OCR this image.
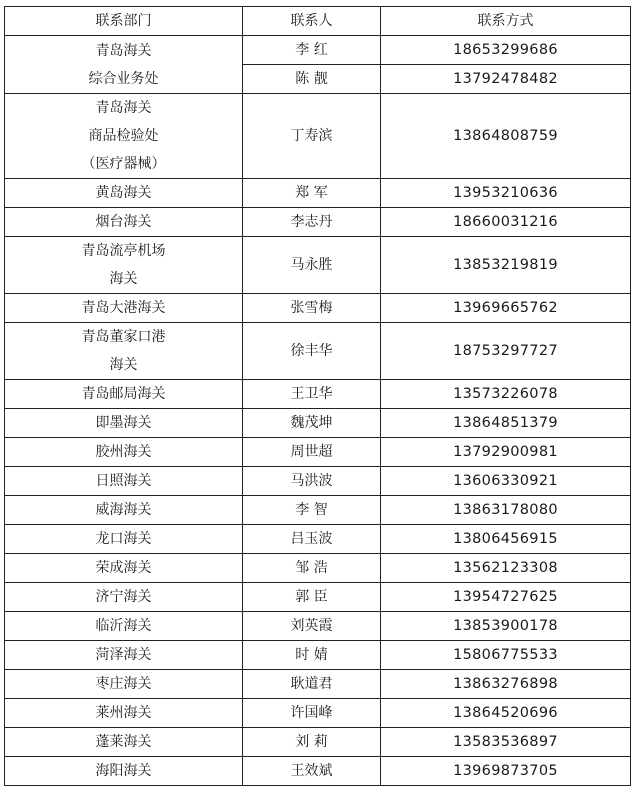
联系部门	联系人	联系方式

青岛海关
综合业务处	李 红	18653299686
	陈 靓	13792478482

青岛海关
商品检验处
（医疗器械）	丁寿滨	13864808759
黄岛海关	郑 军	13953210636
烟台海关	李志丹	18660031216

青岛流亭机场
海关	马永胜	13853219819
青岛大港海关	张雪梅	13969665762

青岛董家口港
海关	徐丰华	18753297727
青岛邮局海关	王卫华	13573226078
即墨海关	魏茂坤	13864851379
胶州海关	周世超	13792900981
日照海关	马洪波	13606330921
威海海关	李 智	13863178080
龙口海关	吕玉波	13806456915
荣成海关	邹 浩	13562123308
济宁海关	郭 臣	13954727625
临沂海关	刘英霞	13853900178
菏泽海关	时 婧	15806775533
枣庄海关	耿道君	13863276898
莱州海关	许国峰	13864520696
蓬莱海关	刘 莉	13583536897
海阳海关	王效斌	13969873705
